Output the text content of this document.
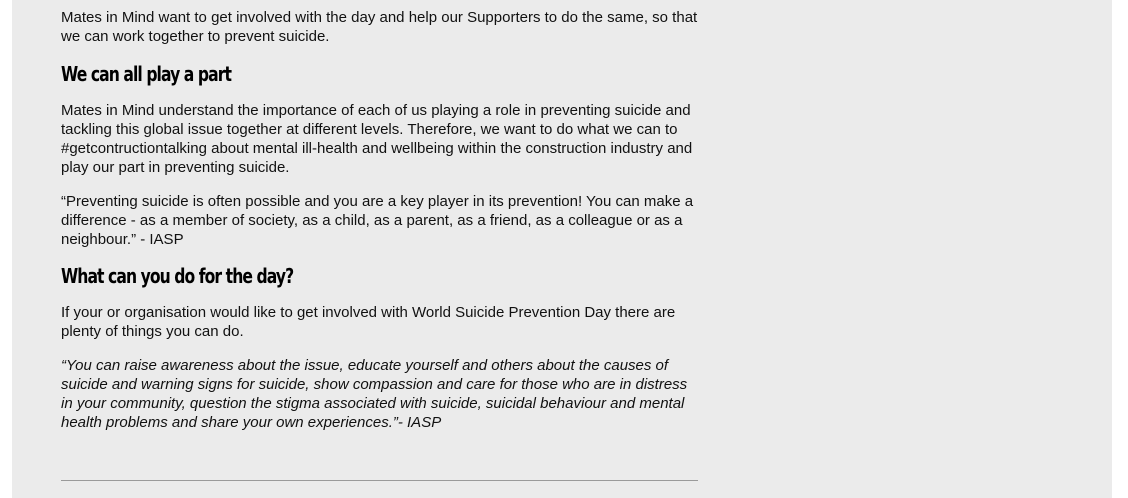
Mates in Mind want to get involved with the day and help our Supporters to do the same, so that we can work together to prevent suicide.

We can all play a part

Mates in Mind understand the importance of each of us playing a role in preventing suicide and tackling this global issue together at different levels. Therefore, we want to do what we can to #getcontructiontalking about mental ill-health and wellbeing within the construction industry and play our part in preventing suicide.

“Preventing suicide is often possible and you are a key player in its prevention! You can make a difference - as a member of society, as a child, as a parent, as a friend, as a colleague or as a neighbour.” - IASP

What can you do for the day?

If your or organisation would like to get involved with World Suicide Prevention Day there are plenty of things you can do.

“You can raise awareness about the issue, educate yourself and others about the causes of suicide and warning signs for suicide, show compassion and care for those who are in distress in your community, question the stigma associated with suicide, suicidal behaviour and mental health problems and share your own experiences.”- IASP
